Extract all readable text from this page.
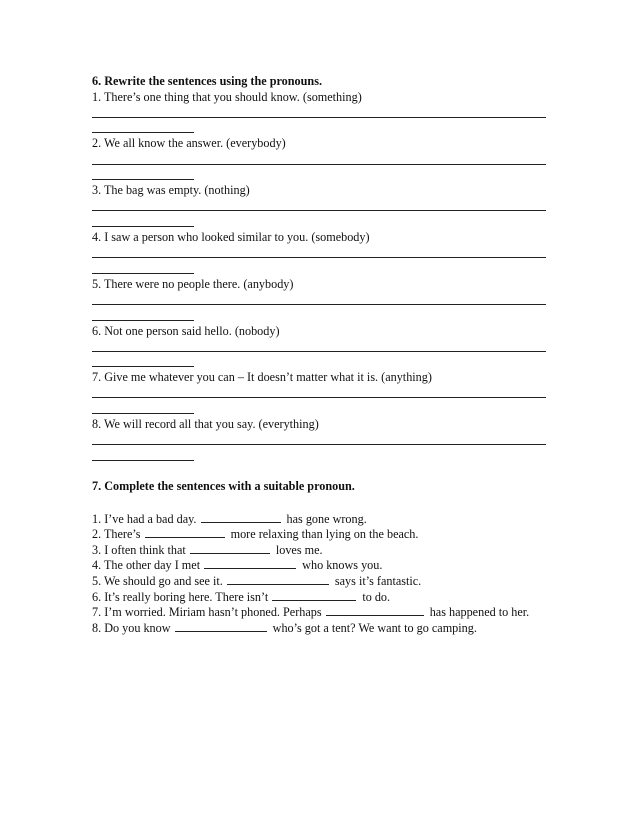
6. Rewrite the sentences using the pronouns.
1. There’s one thing that you should know. (something)
2. We all know the answer. (everybody)
3. The bag was empty. (nothing)
4. I saw a person who looked similar to you. (somebody)
5. There were no people there. (anybody)
6. Not one person said hello. (nobody)
7. Give me whatever you can – It doesn’t matter what it is. (anything)
8. We will record all that you say. (everything)
7. Complete the sentences with a suitable pronoun.
1. I’ve had a bad day.	has gone wrong.
2. There’s	more relaxing than lying on the beach.
3. I often think that	loves me.
4. The other day I met	who knows you.
5. We should go and see it.	says it’s fantastic.
6. It’s really boring here. There isn’t	to do.
7. I’m worried. Miriam hasn’t phoned. Perhaps	has happened to her.
8. Do you know	who’s got a tent? We want to go camping.
